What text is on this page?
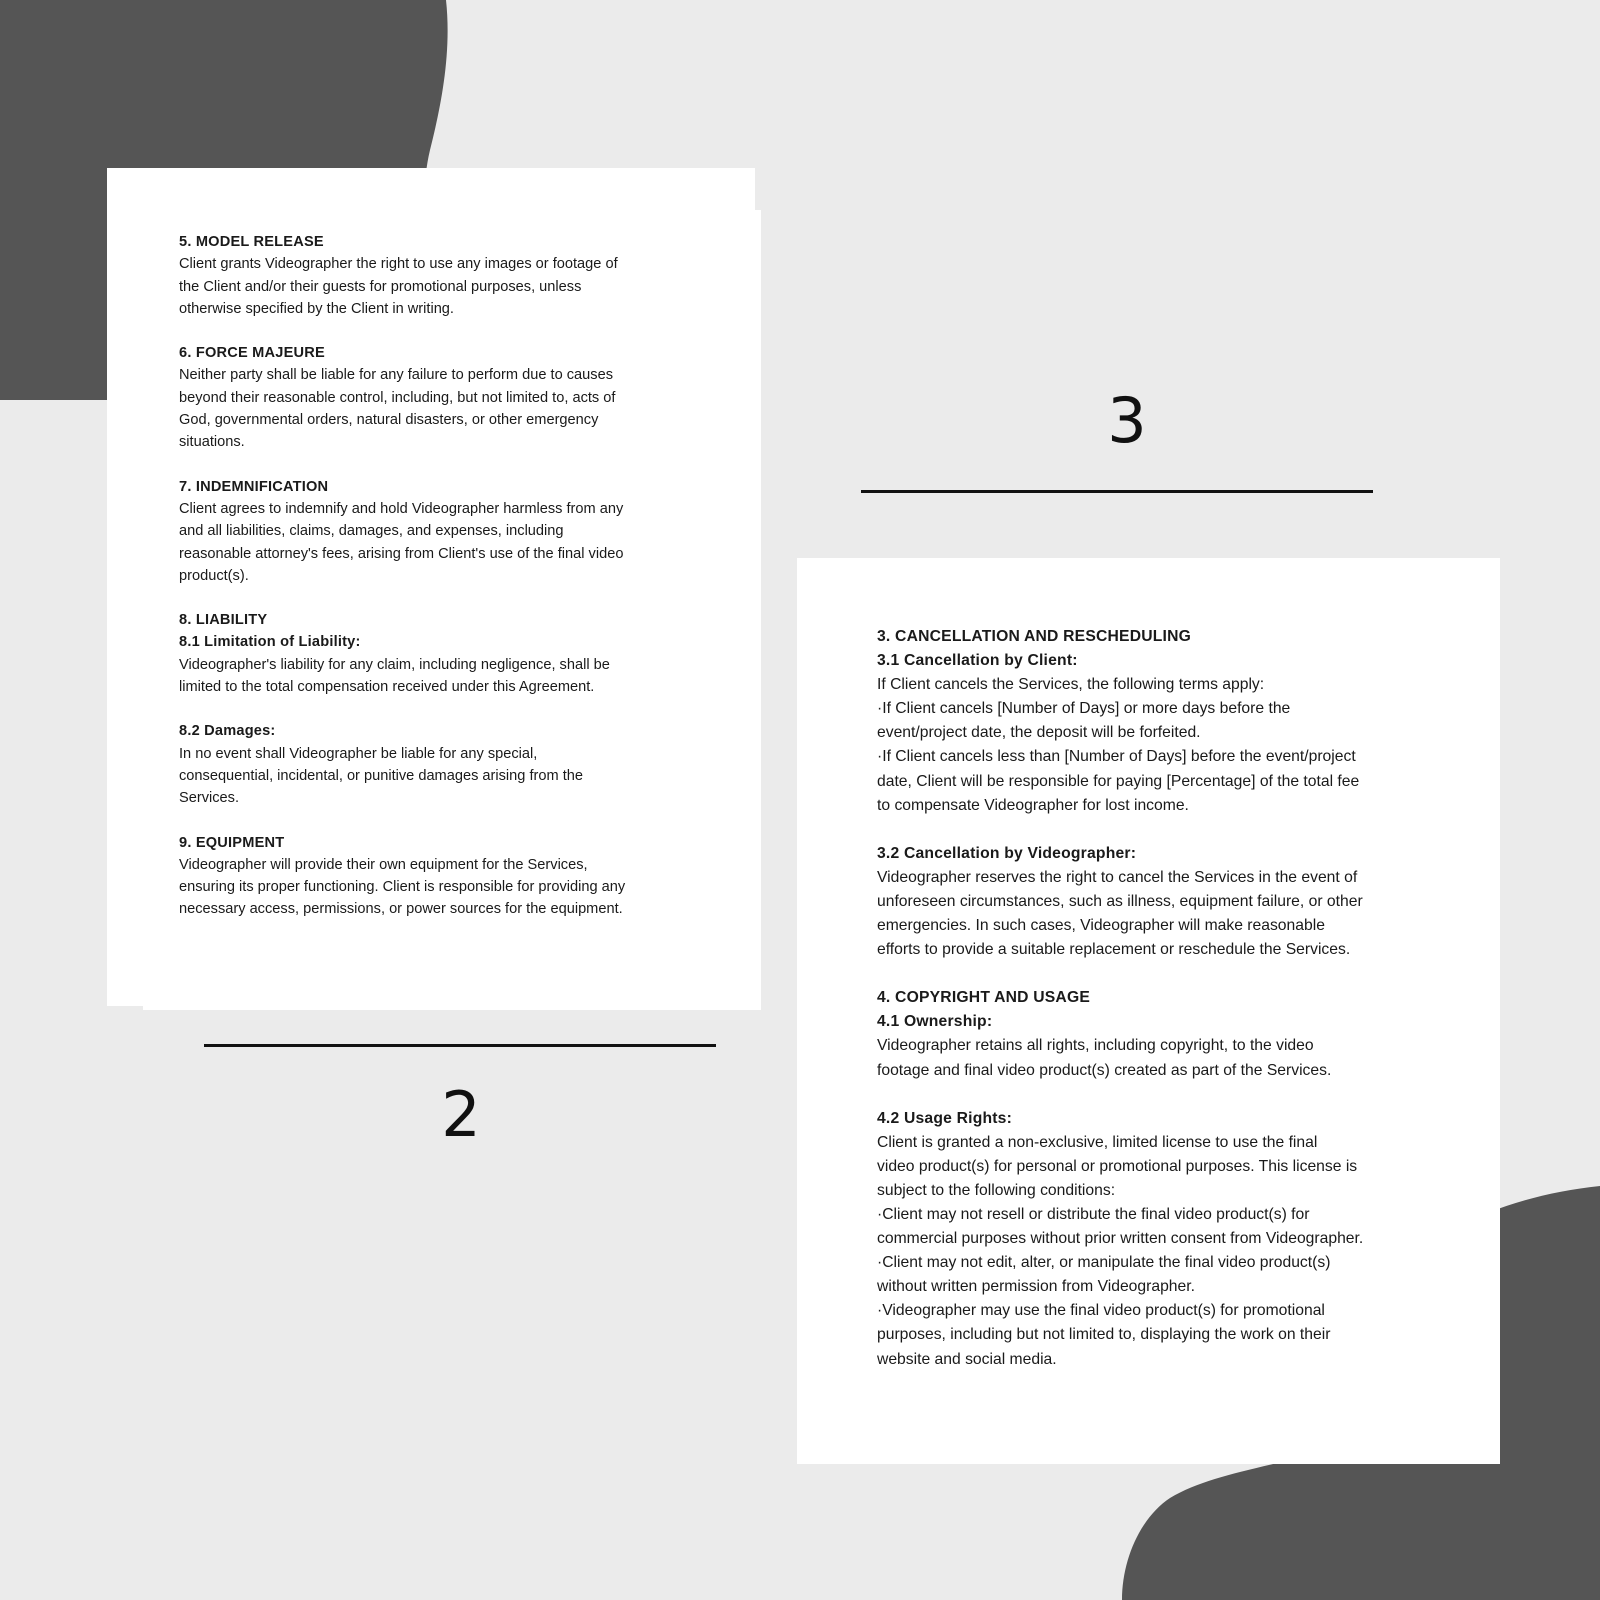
5. MODEL RELEASE

Client grants Videographer the right to use any images or footage of
the Client and/or their guests for promotional purposes, unless
otherwise specified by the Client in writing.

6. FORCE MAJEURE

Neither party shall be liable for any failure to perform due to causes
beyond their reasonable control, including, but not limited to, acts of
God, governmental orders, natural disasters, or other emergency
situations.

7. INDEMNIFICATION

Client agrees to indemnify and hold Videographer harmless from any
and all liabilities, claims, damages, and expenses, including
reasonable attorney's fees, arising from Client's use of the final video
product(s).

8. LIABILITY

8.1 Limitation of Liability:

Videographer's liability for any claim, including negligence, shall be
limited to the total compensation received under this Agreement.

8.2 Damages:

In no event shall Videographer be liable for any special,
consequential, incidental, or punitive damages arising from the
Services.

9. EQUIPMENT

Videographer will provide their own equipment for the Services,
ensuring its proper functioning. Client is responsible for providing any
necessary access, permissions, or power sources for the equipment.

2
3

3. CANCELLATION AND RESCHEDULING

3.1 Cancellation by Client:

If Client cancels the Services, the following terms apply:
·If Client cancels [Number of Days] or more days before the
event/project date, the deposit will be forfeited.
·If Client cancels less than [Number of Days] before the event/project
date, Client will be responsible for paying [Percentage] of the total fee
to compensate Videographer for lost income.

3.2 Cancellation by Videographer:

Videographer reserves the right to cancel the Services in the event of
unforeseen circumstances, such as illness, equipment failure, or other
emergencies. In such cases, Videographer will make reasonable
efforts to provide a suitable replacement or reschedule the Services.

4. COPYRIGHT AND USAGE

4.1 Ownership:

Videographer retains all rights, including copyright, to the video
footage and final video product(s) created as part of the Services.

4.2 Usage Rights:

Client is granted a non-exclusive, limited license to use the final
video product(s) for personal or promotional purposes. This license is
subject to the following conditions:
·Client may not resell or distribute the final video product(s) for
commercial purposes without prior written consent from Videographer.
·Client may not edit, alter, or manipulate the final video product(s)
without written permission from Videographer.
·Videographer may use the final video product(s) for promotional
purposes, including but not limited to, displaying the work on their
website and social media.
